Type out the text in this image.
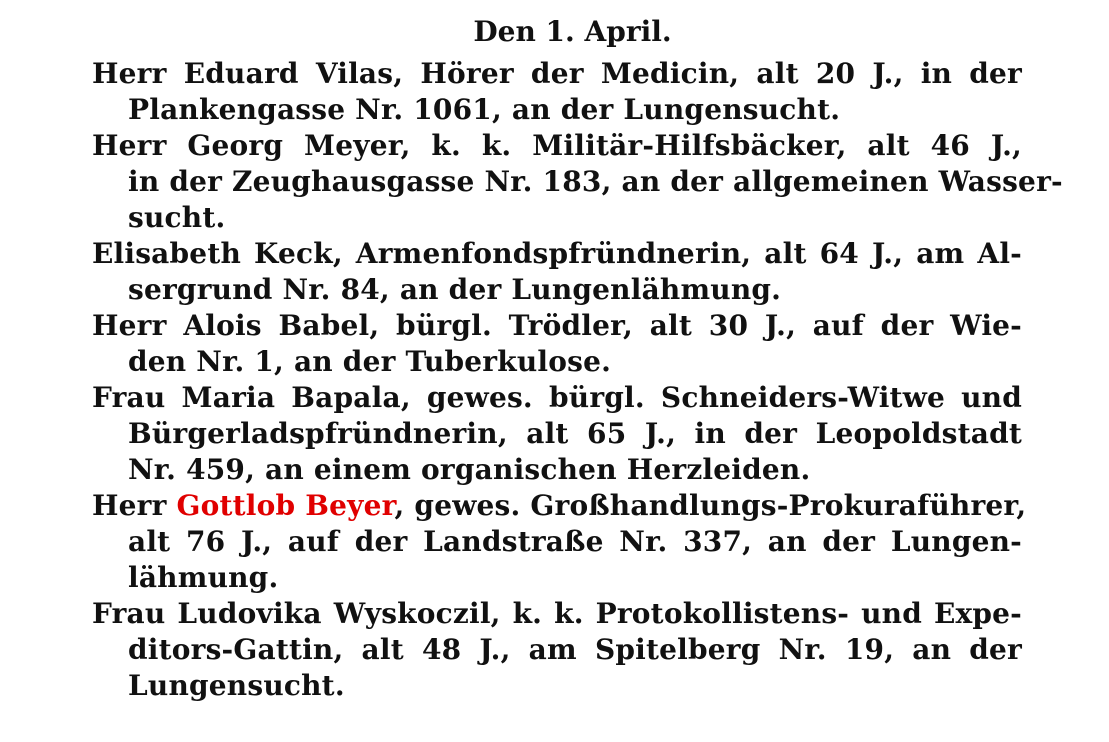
Den 1. April.
Herr Eduard Vilas, Hörer der Medicin, alt 20 J., in der
Plankengasse Nr. 1061, an der Lungensucht.
Herr Georg Meyer, k. k. Militär-Hilfsbäcker, alt 46 J.,
in der Zeughausgasse Nr. 183, an der allgemeinen Wasser-
sucht.
Elisabeth Keck, Armenfondspfründnerin, alt 64 J., am Al-
sergrund Nr. 84, an der Lungenlähmung.
Herr Alois Babel, bürgl. Trödler, alt 30 J., auf der Wie-
den Nr. 1, an der Tuberkulose.
Frau Maria Bapala, gewes. bürgl. Schneiders-Witwe und
Bürgerladspfründnerin, alt 65 J., in der Leopoldstadt
Nr. 459, an einem organischen Herzleiden.
Herr Gottlob Beyer, gewes. Großhandlungs-Prokuraführer,
alt 76 J., auf der Landstraße Nr. 337, an der Lungen-
lähmung.
Frau Ludovika Wyskoczil, k. k. Protokollistens- und Expe-
ditors-Gattin, alt 48 J., am Spitelberg Nr. 19, an der
Lungensucht.
